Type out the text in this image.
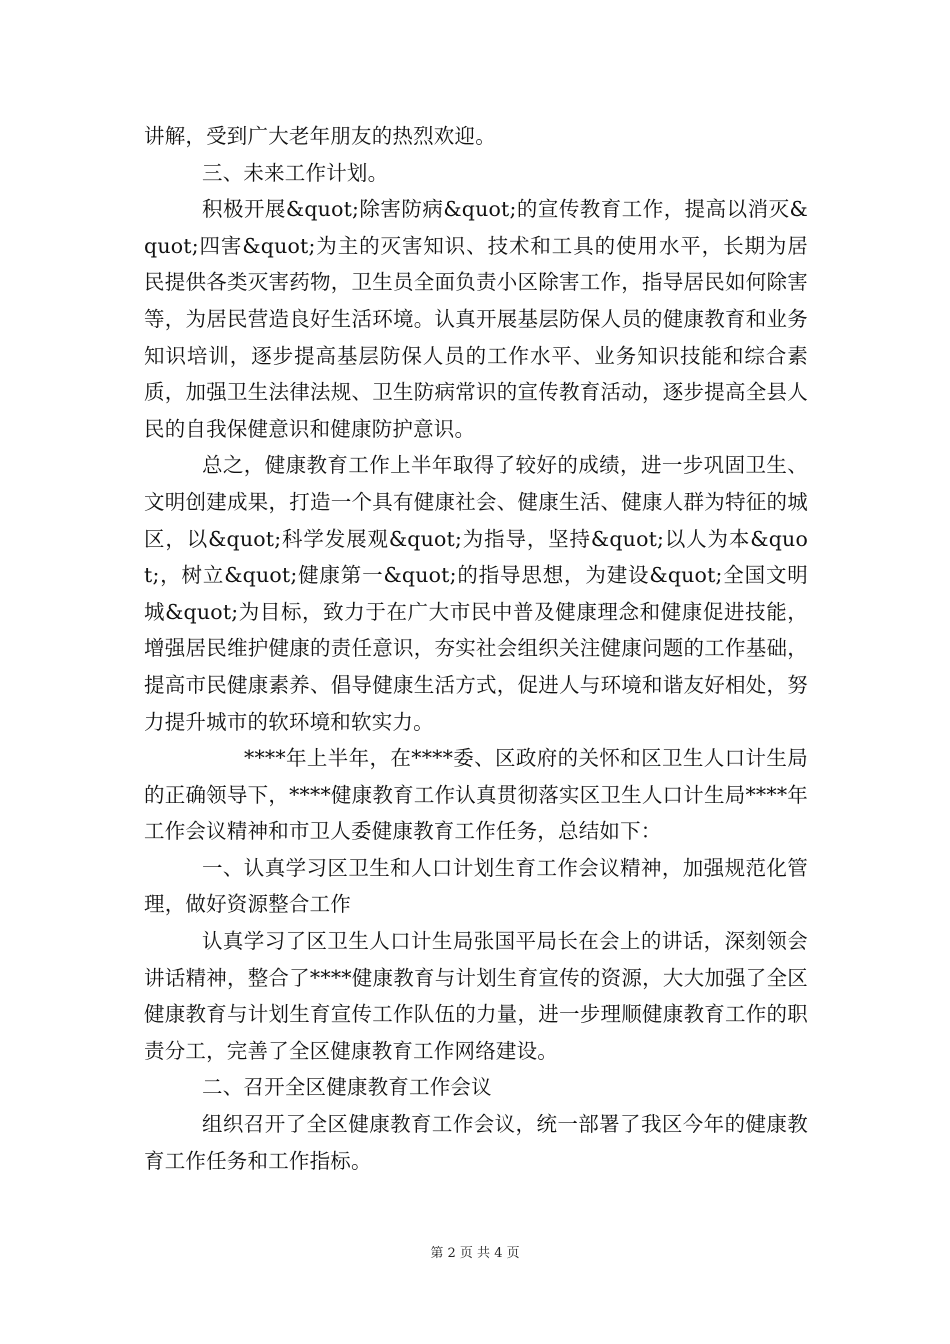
讲解，受到广大老年朋友的热烈欢迎。

三、未来工作计划。

积极开展&quot;除害防病&quot;的宣传教育工作，提高以消灭&quot;四害&quot;为主的灭害知识、技术和工具的使用水平，长期为居民提供各类灭害药物，卫生员全面负责小区除害工作，指导居民如何除害等，为居民营造良好生活环境。认真开展基层防保人员的健康教育和业务知识培训，逐步提高基层防保人员的工作水平、业务知识技能和综合素质，加强卫生法律法规、卫生防病常识的宣传教育活动，逐步提高全县人民的自我保健意识和健康防护意识。

总之，健康教育工作上半年取得了较好的成绩，进一步巩固卫生、文明创建成果，打造一个具有健康社会、健康生活、健康人群为特征的城区，以&quot;科学发展观&quot;为指导，坚持&quot;以人为本&quot;，树立&quot;健康第一&quot;的指导思想，为建设&quot;全国文明城&quot;为目标，致力于在广大市民中普及健康理念和健康促进技能，增强居民维护健康的责任意识，夯实社会组织关注健康问题的工作基础，提高市民健康素养、倡导健康生活方式，促进人与环境和谐友好相处，努力提升城市的软环境和软实力。

****年上半年，在****委、区政府的关怀和区卫生人口计生局的正确领导下，****健康教育工作认真贯彻落实区卫生人口计生局****年工作会议精神和市卫人委健康教育工作任务，总结如下：

一、认真学习区卫生和人口计划生育工作会议精神，加强规范化管理，做好资源整合工作

认真学习了区卫生人口计生局张国平局长在会上的讲话，深刻领会讲话精神，整合了****健康教育与计划生育宣传的资源，大大加强了全区健康教育与计划生育宣传工作队伍的力量，进一步理顺健康教育工作的职责分工，完善了全区健康教育工作网络建设。

二、召开全区健康教育工作会议

组织召开了全区健康教育工作会议，统一部署了我区今年的健康教育工作任务和工作指标。

第 2 页 共 4 页
